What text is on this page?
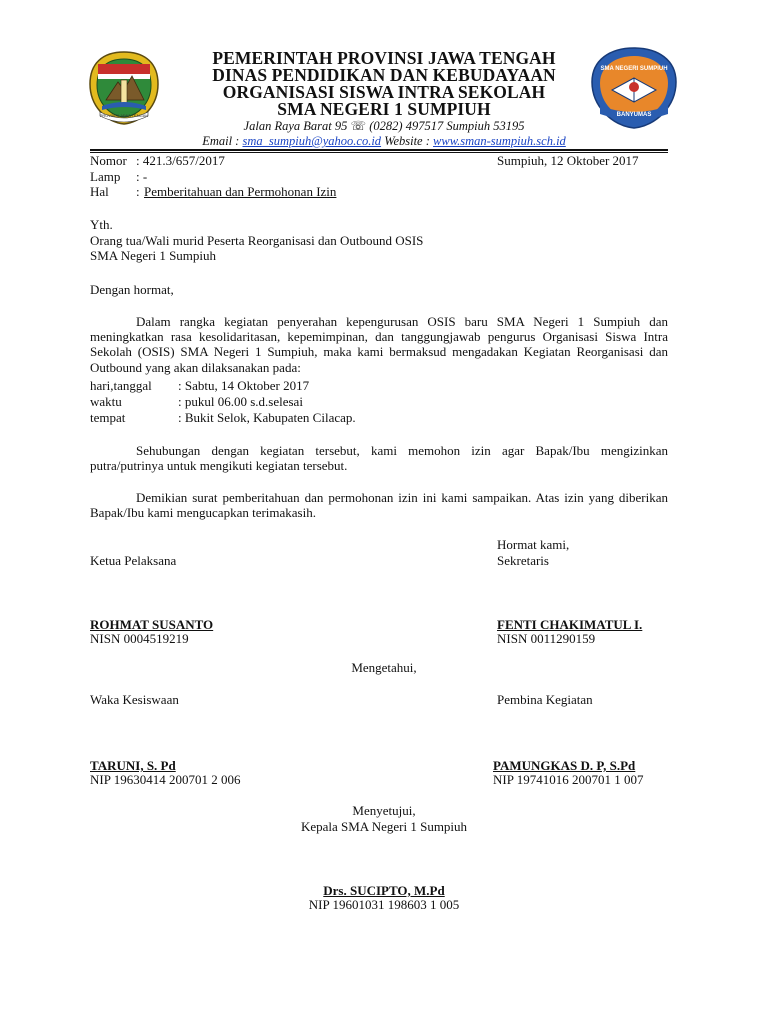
PROVINSI JAWA TENGAH
SMA NEGERI SUMPIUH
BANYUMAS
PEMERINTAH PROVINSI JAWA TENGAH
DINAS PENDIDIKAN DAN KEBUDAYAAN
ORGANISASI SISWA INTRA SEKOLAH
SMA NEGERI 1 SUMPIUH
Jalan Raya Barat 95 ☏ (0282) 497517 Sumpiuh 53195
Email : sma_sumpiuh@yahoo.co.id Website : www.sman-sumpiuh.sch.id
Nomor : 421.3/657/2017	Sumpiuh, 12 Oktober 2017
Lamp : -
Hal : Pemberitahuan dan Permohonan Izin
Yth.
Orang tua/Wali murid Peserta Reorganisasi dan Outbound OSIS
SMA Negeri 1 Sumpiuh
Dengan hormat,
Dalam rangka kegiatan penyerahan kepengurusan OSIS baru SMA Negeri 1 Sumpiuh dan meningkatkan rasa kesolidaritasan, kepemimpinan, dan tanggungjawab pengurus Organisasi Siswa Intra Sekolah (OSIS) SMA Negeri 1 Sumpiuh, maka kami bermaksud mengadakan Kegiatan Reorganisasi dan Outbound yang akan dilaksanakan pada:
hari,tanggal : Sabtu, 14 Oktober 2017
waktu	: pukul 06.00 s.d.selesai
tempat	: Bukit Selok, Kabupaten Cilacap.
Sehubungan dengan kegiatan tersebut, kami memohon izin agar Bapak/Ibu mengizinkan putra/putrinya untuk mengikuti kegiatan tersebut.
Demikian surat pemberitahuan dan permohonan izin ini kami sampaikan. Atas izin yang diberikan Bapak/Ibu kami mengucapkan terimakasih.
Hormat kami,
Ketua Pelaksana	Sekretaris
ROHMAT SUSANTO
NISN 0004519219
FENTI CHAKIMATUL I.
NISN 0011290159
Mengetahui,
Waka Kesiswaan	Pembina Kegiatan
TARUNI, S. Pd
NIP 19630414 200701 2 006
PAMUNGKAS D. P, S.Pd
NIP 19741016 200701 1 007
Menyetujui,
Kepala SMA Negeri 1 Sumpiuh
Drs. SUCIPTO, M.Pd
NIP 19601031 198603 1 005
